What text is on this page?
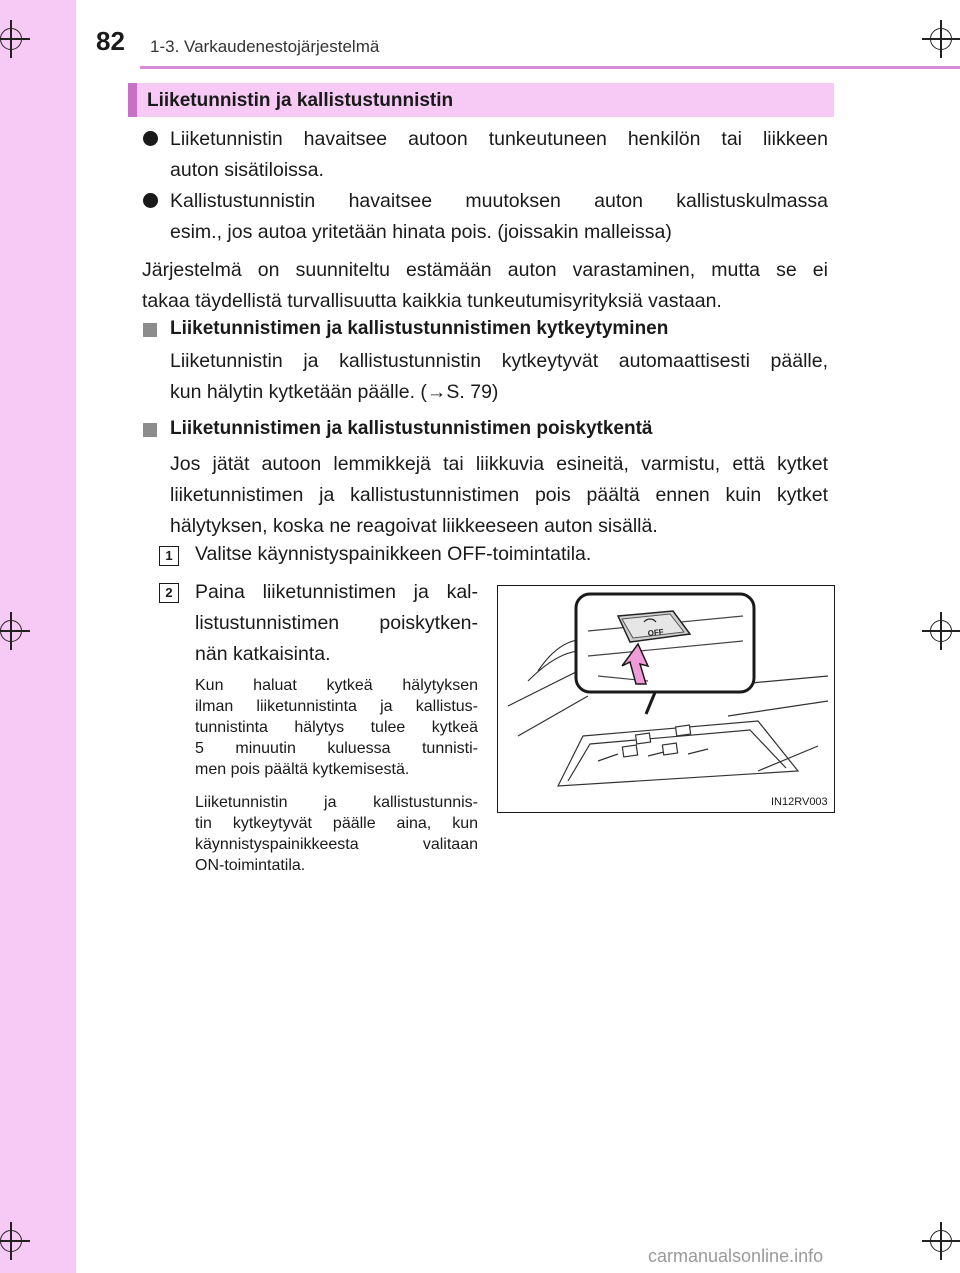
82 1-3. Varkaudenestojärjestelmä
Liiketunnistin ja kallistustunnistin
Liiketunnistin havaitsee autoon tunkeutuneen henkilön tai liikkeen
auton sisätiloissa.
Kallistustunnistin havaitsee muutoksen auton kallistuskulmassa
esim., jos autoa yritetään hinata pois. (joissakin malleissa)
Järjestelmä on suunniteltu estämään auton varastaminen, mutta se ei
takaa täydellistä turvallisuutta kaikkia tunkeutumisyrityksiä vastaan.
Liiketunnistimen ja kallistustunnistimen kytkeytyminen
Liiketunnistin ja kallistustunnistin kytkeytyvät automaattisesti päälle,
kun hälytin kytketään päälle. (→S. 79)
Liiketunnistimen ja kallistustunnistimen poiskytkentä
Jos jätät autoon lemmikkejä tai liikkuvia esineitä, varmistu, että kytket
liiketunnistimen ja kallistustunnistimen pois päältä ennen kuin kytket
hälytyksen, koska ne reagoivat liikkeeseen auton sisällä.
1	Valitse käynnistyspainikkeen OFF-toimintatila.
2	Paina liiketunnistimen ja kal-
listustunnistimen poiskytken-
nän katkaisinta.
Kun haluat kytkeä hälytyksen
ilman liiketunnistinta ja kallistus-
tunnistinta hälytys tulee kytkeä
5 minuutin kuluessa tunnisti-
men pois päältä kytkemisestä.
Liiketunnistin ja kallistustunnis-
tin kytkeytyvät päälle aina, kun
käynnistyspainikkeesta valitaan
ON-toimintatila.
OFF
IN12RV003
carmanualsonline.info
